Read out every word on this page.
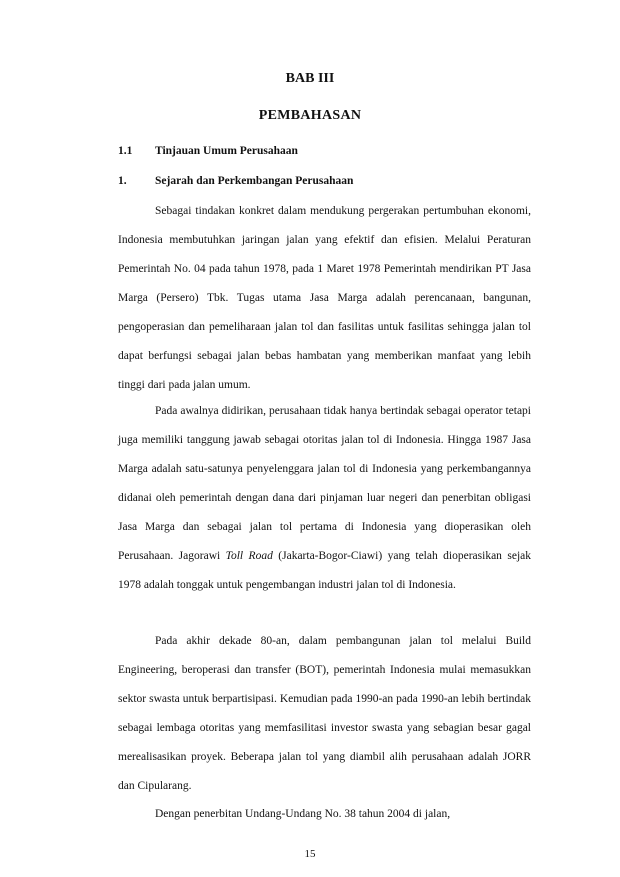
BAB III
PEMBAHASAN
1.1 Tinjauan Umum Perusahaan
1. Sejarah dan Perkembangan Perusahaan

Sebagai tindakan konkret dalam mendukung pergerakan pertumbuhan ekonomi, Indonesia membutuhkan jaringan jalan yang efektif dan efisien. Melalui Peraturan Pemerintah No. 04 pada tahun 1978, pada 1 Maret 1978 Pemerintah mendirikan PT Jasa Marga (Persero) Tbk. Tugas utama Jasa Marga adalah perencanaan, bangunan, pengoperasian dan pemeliharaan jalan tol dan fasilitas untuk fasilitas sehingga jalan tol dapat berfungsi sebagai jalan bebas hambatan yang memberikan manfaat yang lebih tinggi dari pada jalan umum.

Pada awalnya didirikan, perusahaan tidak hanya bertindak sebagai operator tetapi juga memiliki tanggung jawab sebagai otoritas jalan tol di Indonesia. Hingga 1987 Jasa Marga adalah satu-satunya penyelenggara jalan tol di Indonesia yang perkembangannya didanai oleh pemerintah dengan dana dari pinjaman luar negeri dan penerbitan obligasi Jasa Marga dan sebagai jalan tol pertama di Indonesia yang dioperasikan oleh Perusahaan. Jagorawi Toll Road (Jakarta-Bogor-Ciawi) yang telah dioperasikan sejak 1978 adalah tonggak untuk pengembangan industri jalan tol di Indonesia.

Pada akhir dekade 80-an, dalam pembangunan jalan tol melalui Build Engineering, beroperasi dan transfer (BOT), pemerintah Indonesia mulai memasukkan sektor swasta untuk berpartisipasi. Kemudian pada 1990-an pada 1990-an lebih bertindak sebagai lembaga otoritas yang memfasilitasi investor swasta yang sebagian besar gagal merealisasikan proyek. Beberapa jalan tol yang diambil alih perusahaan adalah JORR dan Cipularang.

Dengan penerbitan Undang-Undang No. 38 tahun 2004 di jalan,

15
